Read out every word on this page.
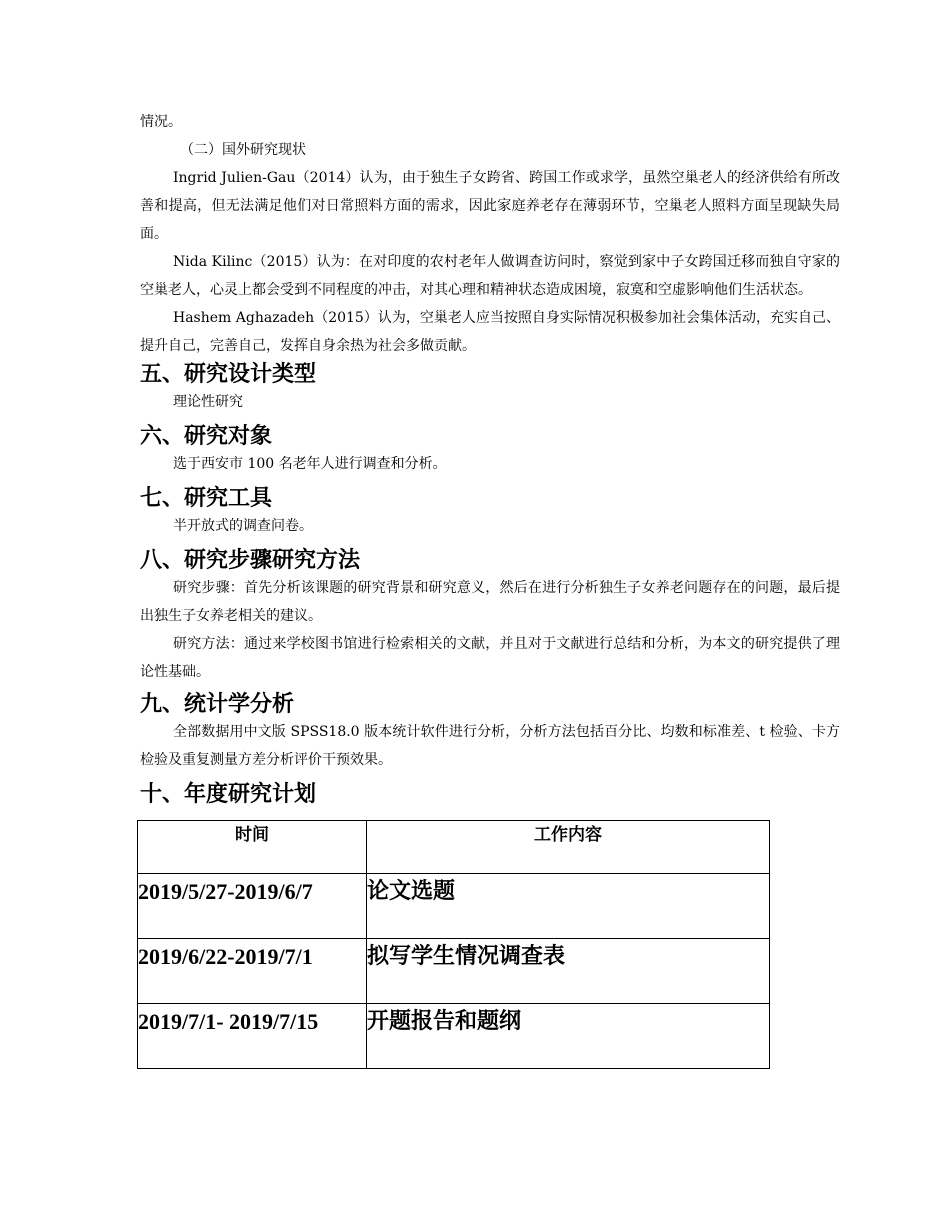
情况。

（二）国外研究现状

Ingrid Julien-Gau（2014）认为，由于独生子女跨省、跨国工作或求学，虽然空巢老人的经济供给有所改善和提高，但无法满足他们对日常照料方面的需求，因此家庭养老存在薄弱环节，空巢老人照料方面呈现缺失局面。

Nida Kilinc（2015）认为：在对印度的农村老年人做调查访问时，察觉到家中子女跨国迁移而独自守家的空巢老人，心灵上都会受到不同程度的冲击，对其心理和精神状态造成困境，寂寞和空虚影响他们生活状态。

Hashem Aghazadeh（2015）认为，空巢老人应当按照自身实际情况积极参加社会集体活动，充实自己、提升自己，完善自己，发挥自身余热为社会多做贡献。

五、研究设计类型

理论性研究

六、研究对象

选于西安市 100 名老年人进行调查和分析。

七、研究工具

半开放式的调查问卷。

八、研究步骤研究方法

研究步骤：首先分析该课题的研究背景和研究意义，然后在进行分析独生子女养老问题存在的问题，最后提出独生子女养老相关的建议。

研究方法：通过来学校图书馆进行检索相关的文献，并且对于文献进行总结和分析，为本文的研究提供了理论性基础。

九、统计学分析

全部数据用中文版 SPSS18.0 版本统计软件进行分析，分析方法包括百分比、均数和标准差、t 检验、卡方检验及重复测量方差分析评价干预效果。

十、年度研究计划
时间	工作内容
2019/5/27-2019/6/7	论文选题
2019/6/22-2019/7/1	拟写学生情况调查表
2019/7/1- 2019/7/15	开题报告和题纲
